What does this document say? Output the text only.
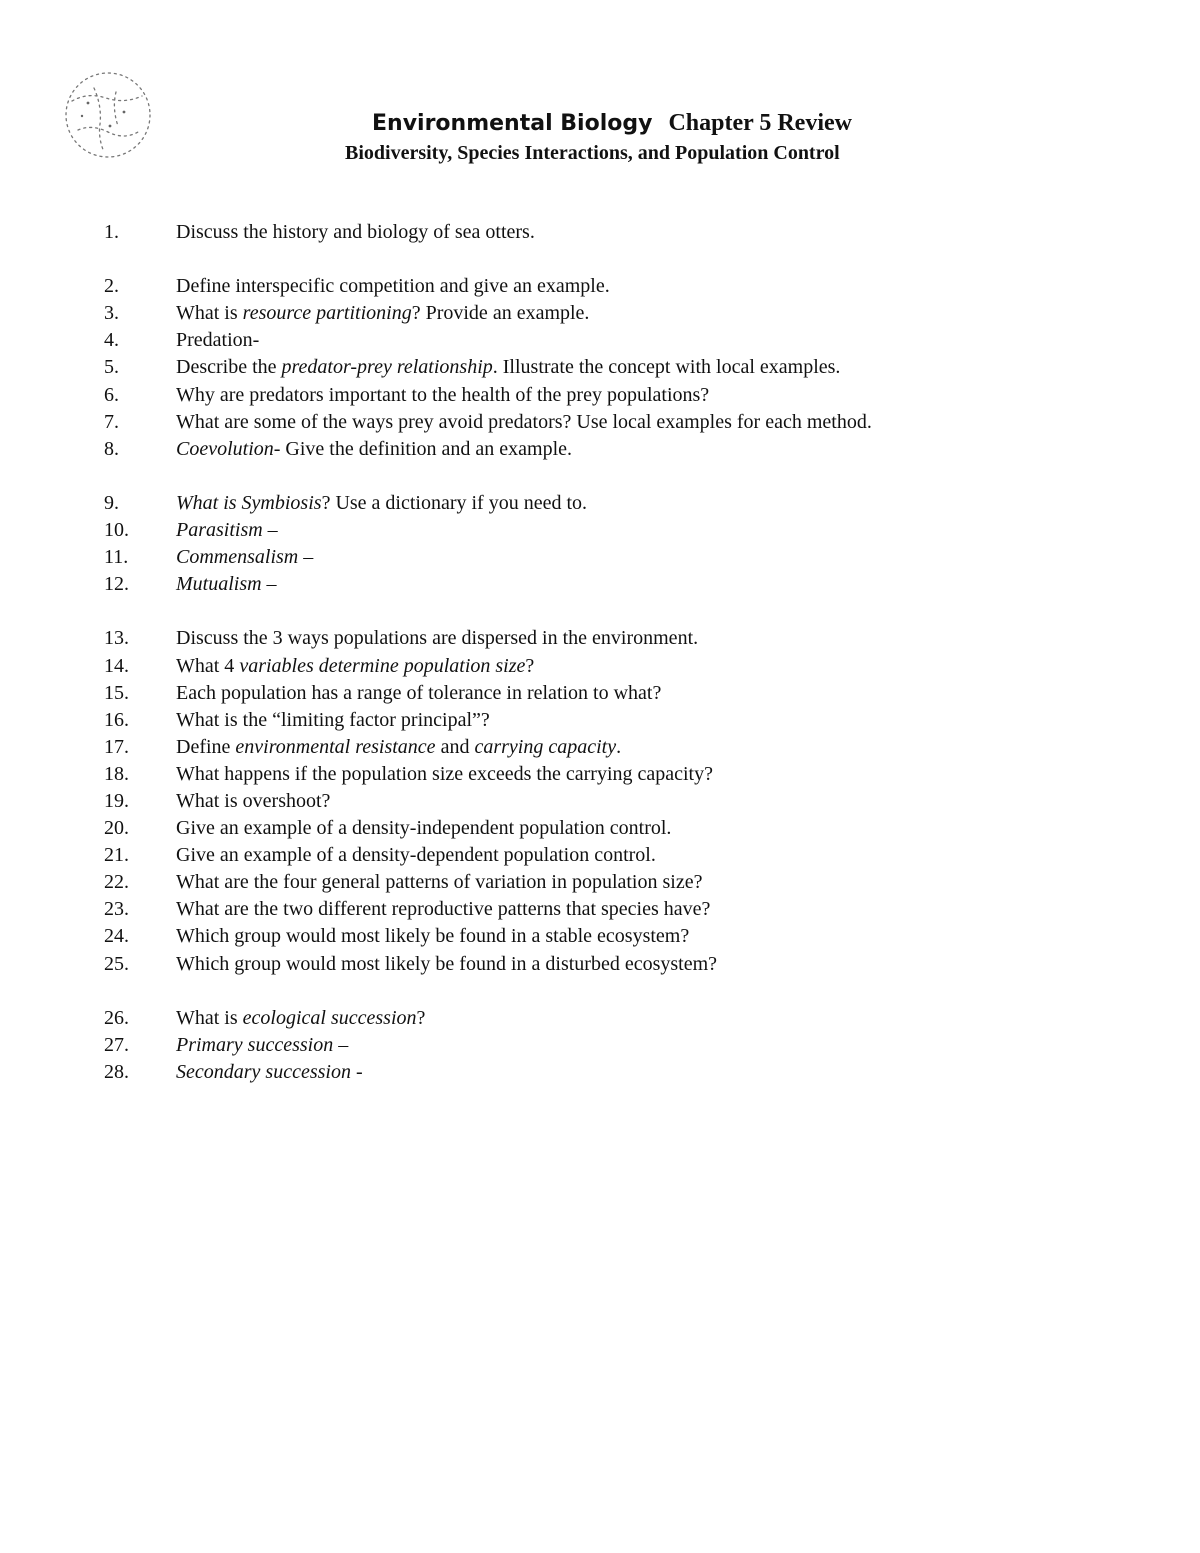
Environmental Biology Chapter 5 Review
Biodiversity, Species Interactions, and Population Control
1.	Discuss the history and biology of sea otters.
2.	Define interspecific competition and give an example.
3.	What is resource partitioning? Provide an example.
4.	Predation-
5.	Describe the predator-prey relationship. Illustrate the concept with local examples.
6.	Why are predators important to the health of the prey populations?
7.	What are some of the ways prey avoid predators? Use local examples for each method.
8.	Coevolution- Give the definition and an example.
9.	What is Symbiosis? Use a dictionary if you need to.
10. Parasitism –
11. Commensalism –
12. Mutualism –
13. Discuss the 3 ways populations are dispersed in the environment.
14. What 4 variables determine population size?
15. Each population has a range of tolerance in relation to what?
16. What is the “limiting factor principal”?
17. Define environmental resistance and carrying capacity.
18. What happens if the population size exceeds the carrying capacity?
19. What is overshoot?
20. Give an example of a density-independent population control.
21. Give an example of a density-dependent population control.
22. What are the four general patterns of variation in population size?
23. What are the two different reproductive patterns that species have?
24. Which group would most likely be found in a stable ecosystem?
25. Which group would most likely be found in a disturbed ecosystem?
26. What is ecological succession?
27. Primary succession –
28. Secondary succession -
